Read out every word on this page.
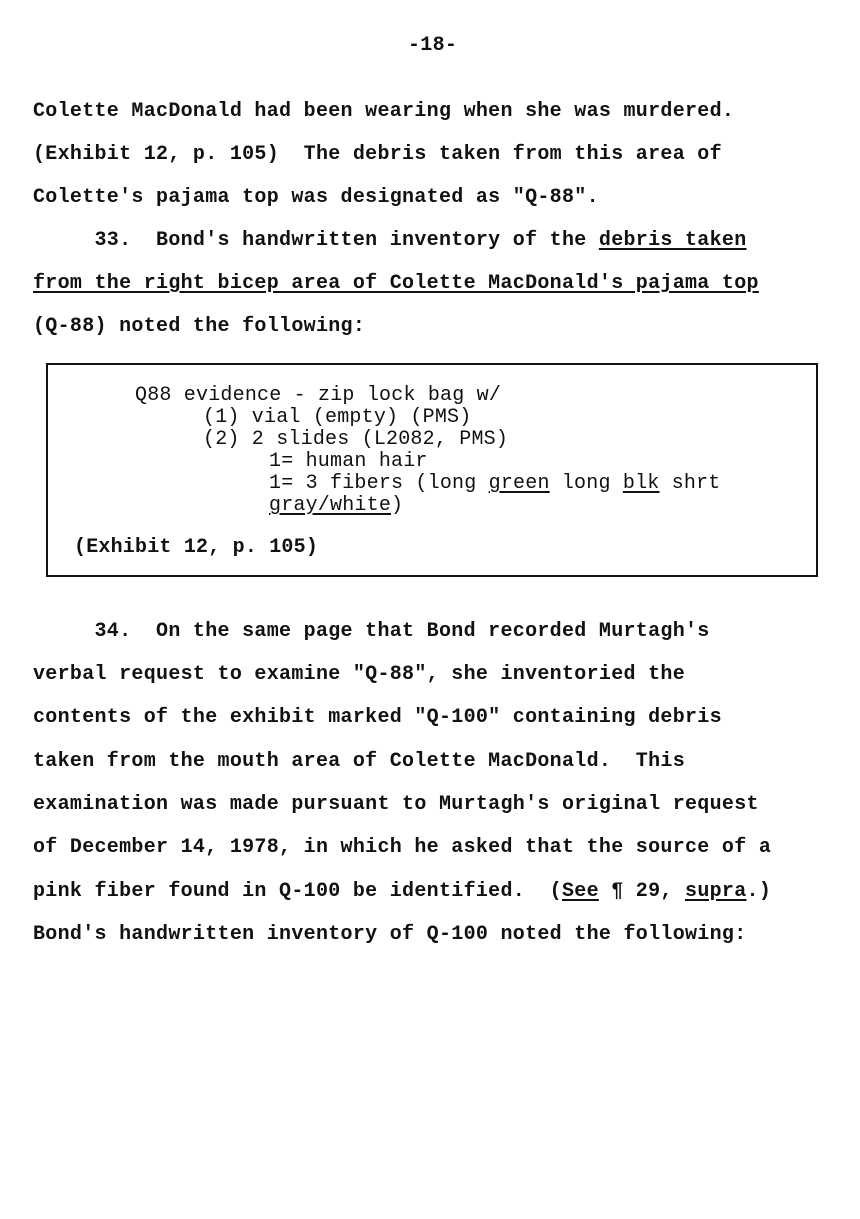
-18-
Colette MacDonald had been wearing when she was murdered.
(Exhibit 12, p. 105)  The debris taken from this area of
Colette's pajama top was designated as "Q-88".
33.  Bond's handwritten inventory of the debris taken
from the right bicep area of Colette MacDonald's pajama top
(Q-88) noted the following:
Q88 evidence - zip lock bag w/
(1) vial (empty) (PMS)
(2) 2 slides (L2082, PMS)
1= human hair
1= 3 fibers (long green long blk shrt
gray/white)
(Exhibit 12, p. 105)
34.  On the same page that Bond recorded Murtagh's
verbal request to examine "Q-88", she inventoried the
contents of the exhibit marked "Q-100" containing debris
taken from the mouth area of Colette MacDonald.  This
examination was made pursuant to Murtagh's original request
of December 14, 1978, in which he asked that the source of a
pink fiber found in Q-100 be identified.  (See ¶ 29, supra.)
Bond's handwritten inventory of Q-100 noted the following:
